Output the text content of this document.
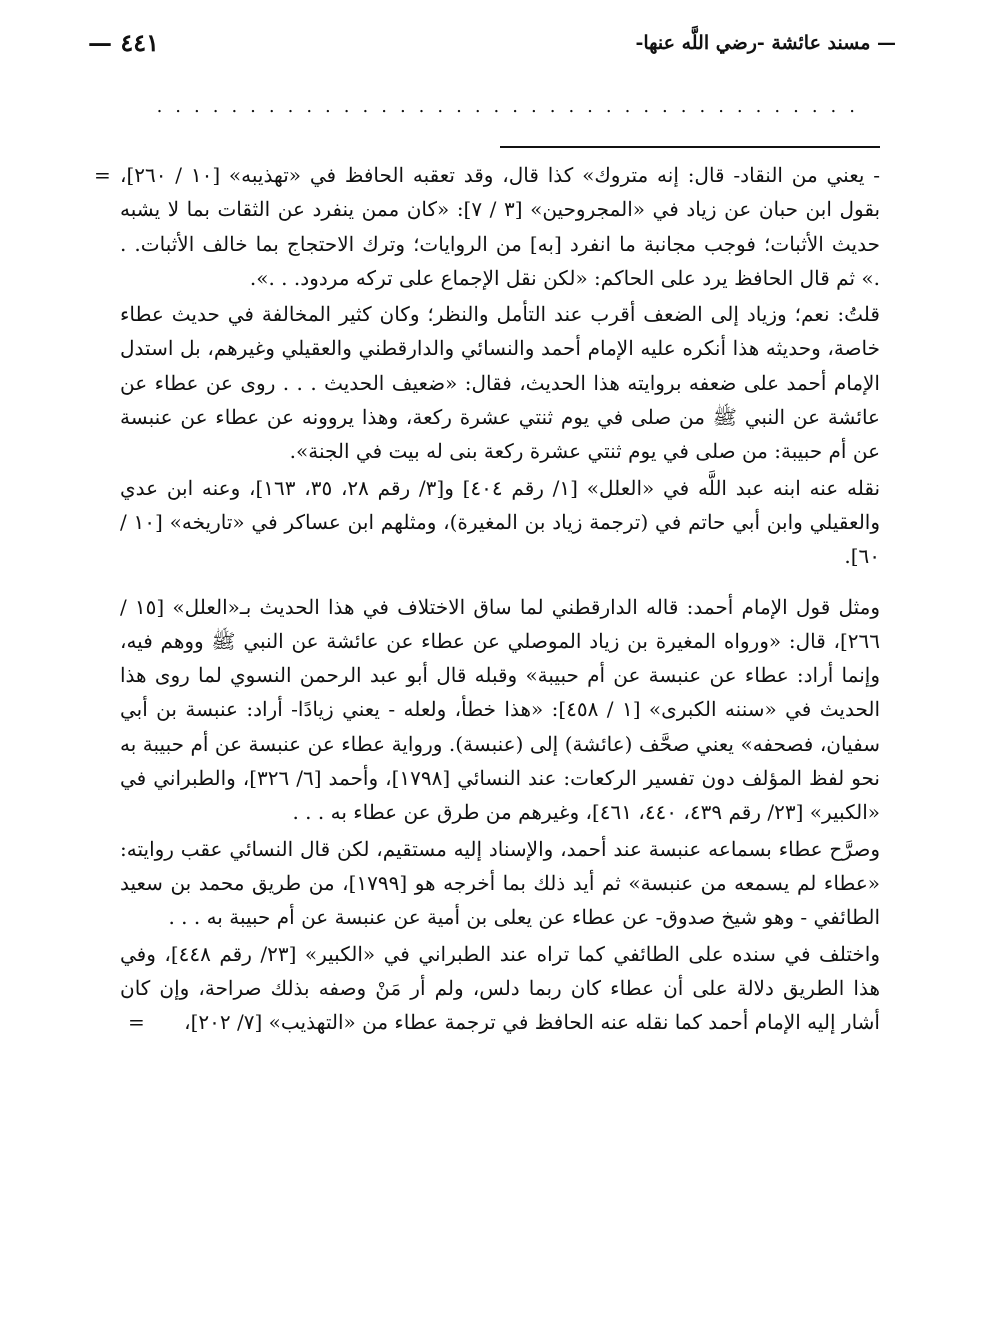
— مسند عائشة -رضي اللَّه عنها-
٤٤١ —
......................................

= - يعني من النقاد- قال: إنه متروك» كذا قال، وقد تعقبه الحافظ في «تهذيبه» [١٠ / ٢٦٠]، بقول ابن حبان عن زياد في «المجروحين» [٣ / ٧]: «كان ممن ينفرد عن الثقات بما لا يشبه حديث الأثبات؛ فوجب مجانبة ما انفرد [به] من الروايات؛ وترك الاحتجاج بما خالف الأثبات. . .» ثم قال الحافظ يرد على الحاكم: «لكن نقل الإجماع على تركه مردود. . .».

قلتُ: نعم؛ وزياد إلى الضعف أقرب عند التأمل والنظر؛ وكان كثير المخالفة في حديث عطاء خاصة، وحديثه هذا أنكره عليه الإمام أحمد والنسائي والدارقطني والعقيلي وغيرهم، بل استدل الإمام أحمد على ضعفه بروايته هذا الحديث، فقال: «ضعيف الحديث . . . روى عن عطاء عن عائشة عن النبي ﷺ من صلى في يوم ثنتي عشرة ركعة، وهذا يروونه عن عطاء عن عنبسة عن أم حبيبة: من صلى في يوم ثنتي عشرة ركعة بنى له بيت في الجنة».

نقله عنه ابنه عبد اللَّه في «العلل» [١/ رقم ٤٠٤] و[٣/ رقم ٢٨، ٣٥، ١٦٣]، وعنه ابن عدي والعقيلي وابن أبي حاتم في (ترجمة زياد بن المغيرة)، ومثلهم ابن عساكر في «تاريخه» [١٠ / ٦٠].

ومثل قول الإمام أحمد: قاله الدارقطني لما ساق الاختلاف في هذا الحديث بـ«العلل» [١٥ / ٢٦٦]، قال: «ورواه المغيرة بن زياد الموصلي عن عطاء عن عائشة عن النبي ﷺ ووهم فيه، وإنما أراد: عطاء عن عنبسة عن أم حبيبة» وقبله قال أبو عبد الرحمن النسوي لما روى هذا الحديث في «سننه الكبرى» [١ / ٤٥٨]: «هذا خطأ، ولعله - يعني زيادًا- أراد: عنبسة بن أبي سفيان، فصحفه» يعني صحَّف (عائشة) إلى (عنبسة). ورواية عطاء عن عنبسة عن أم حبيبة به نحو لفظ المؤلف دون تفسير الركعات: عند النسائي [١٧٩٨]، وأحمد [٦/ ٣٢٦]، والطبراني في «الكبير» [٢٣/ رقم ٤٣٩، ٤٤٠، ٤٦١]، وغيرهم من طرق عن عطاء به . . .

وصرَّح عطاء بسماعه عنبسة عند أحمد، والإسناد إليه مستقيم، لكن قال النسائي عقب روايته: «عطاء لم يسمعه من عنبسة» ثم أيد ذلك بما أخرجه هو [١٧٩٩]، من طريق محمد بن سعيد الطائفي - وهو شيخ صدوق- عن عطاء عن يعلى بن أمية عن عنبسة عن أم حبيبة به . . .

واختلف في سنده على الطائفي كما تراه عند الطبراني في «الكبير» [٢٣/ رقم ٤٤٨]، وفي هذا الطريق دلالة على أن عطاء كان ربما دلس، ولم أر مَنْ وصفه بذلك صراحة، وإن كان أشار إليه الإمام أحمد كما نقله عنه الحافظ في ترجمة عطاء من «التهذيب» [٧/ ٢٠٢]،
=
